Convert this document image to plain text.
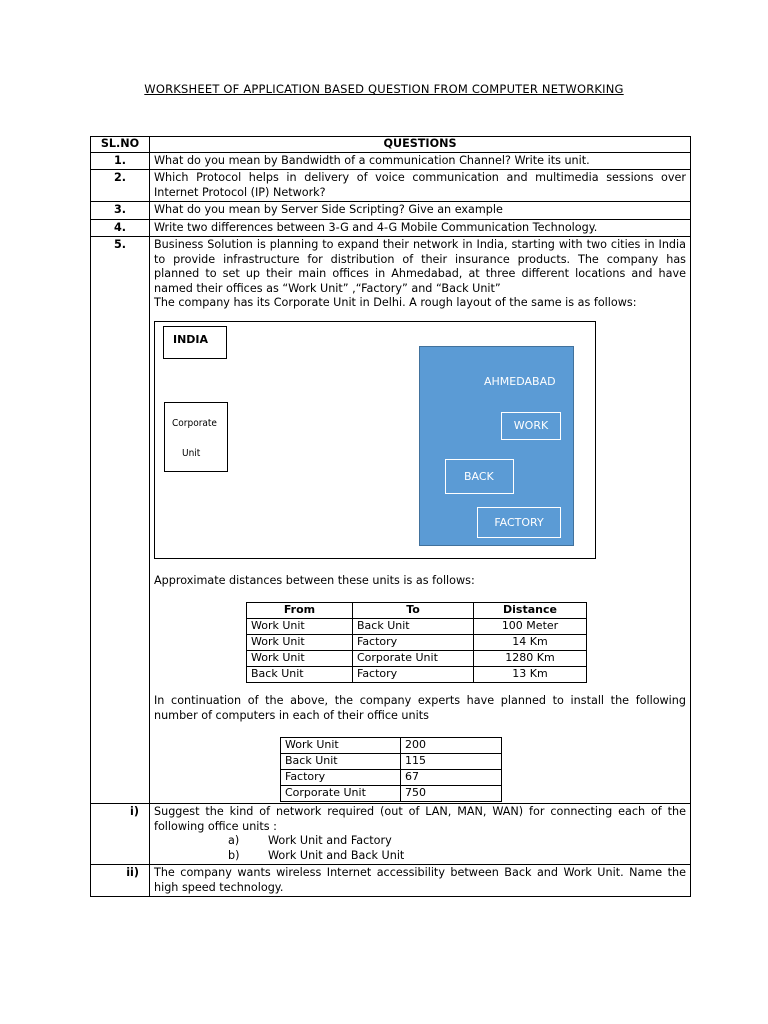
WORKSHEET OF APPLICATION BASED QUESTION FROM COMPUTER NETWORKING
SL.NO	QUESTIONS
1.	What do you mean by Bandwidth of a communication Channel? Write its unit.
2.	Which Protocol helps in delivery of voice communication and multimedia sessions over Internet Protocol (IP) Network?
3.	What do you mean by Server Side Scripting? Give an example
4.	Write two differences between 3-G and 4-G Mobile Communication Technology.
5.	Business Solution is planning to expand their network in India, starting with two cities in India to provide infrastructure for distribution of their insurance products. The company has planned to set up their main offices in Ahmedabad, at three different locations and have named their offices as “Work Unit” ,“Factory” and “Back Unit”

The company has its Corporate Unit in Delhi. A rough layout of the same is as follows:

INDIA
Corporate
Unit
AHMEDABAD
WORK
BACK
FACTORY

Approximate distances between these units is as follows:

From	To	Distance
Work Unit	Back Unit	100 Meter
Work Unit	Factory	14 Km
Work Unit	Corporate Unit	1280 Km
Back Unit	Factory	13 Km

In continuation of the above, the company experts have planned to install the following number of computers in each of their office units

Work Unit	200
Back Unit	115
Factory	67
Corporate Unit	750

i)	Suggest the kind of network required (out of LAN, MAN, WAN) for connecting each of the following office units :

a)	Work Unit and Factory
b)	Work Unit and Back Unit

ii)	The company wants wireless Internet accessibility between Back and Work Unit. Name the high speed technology.
